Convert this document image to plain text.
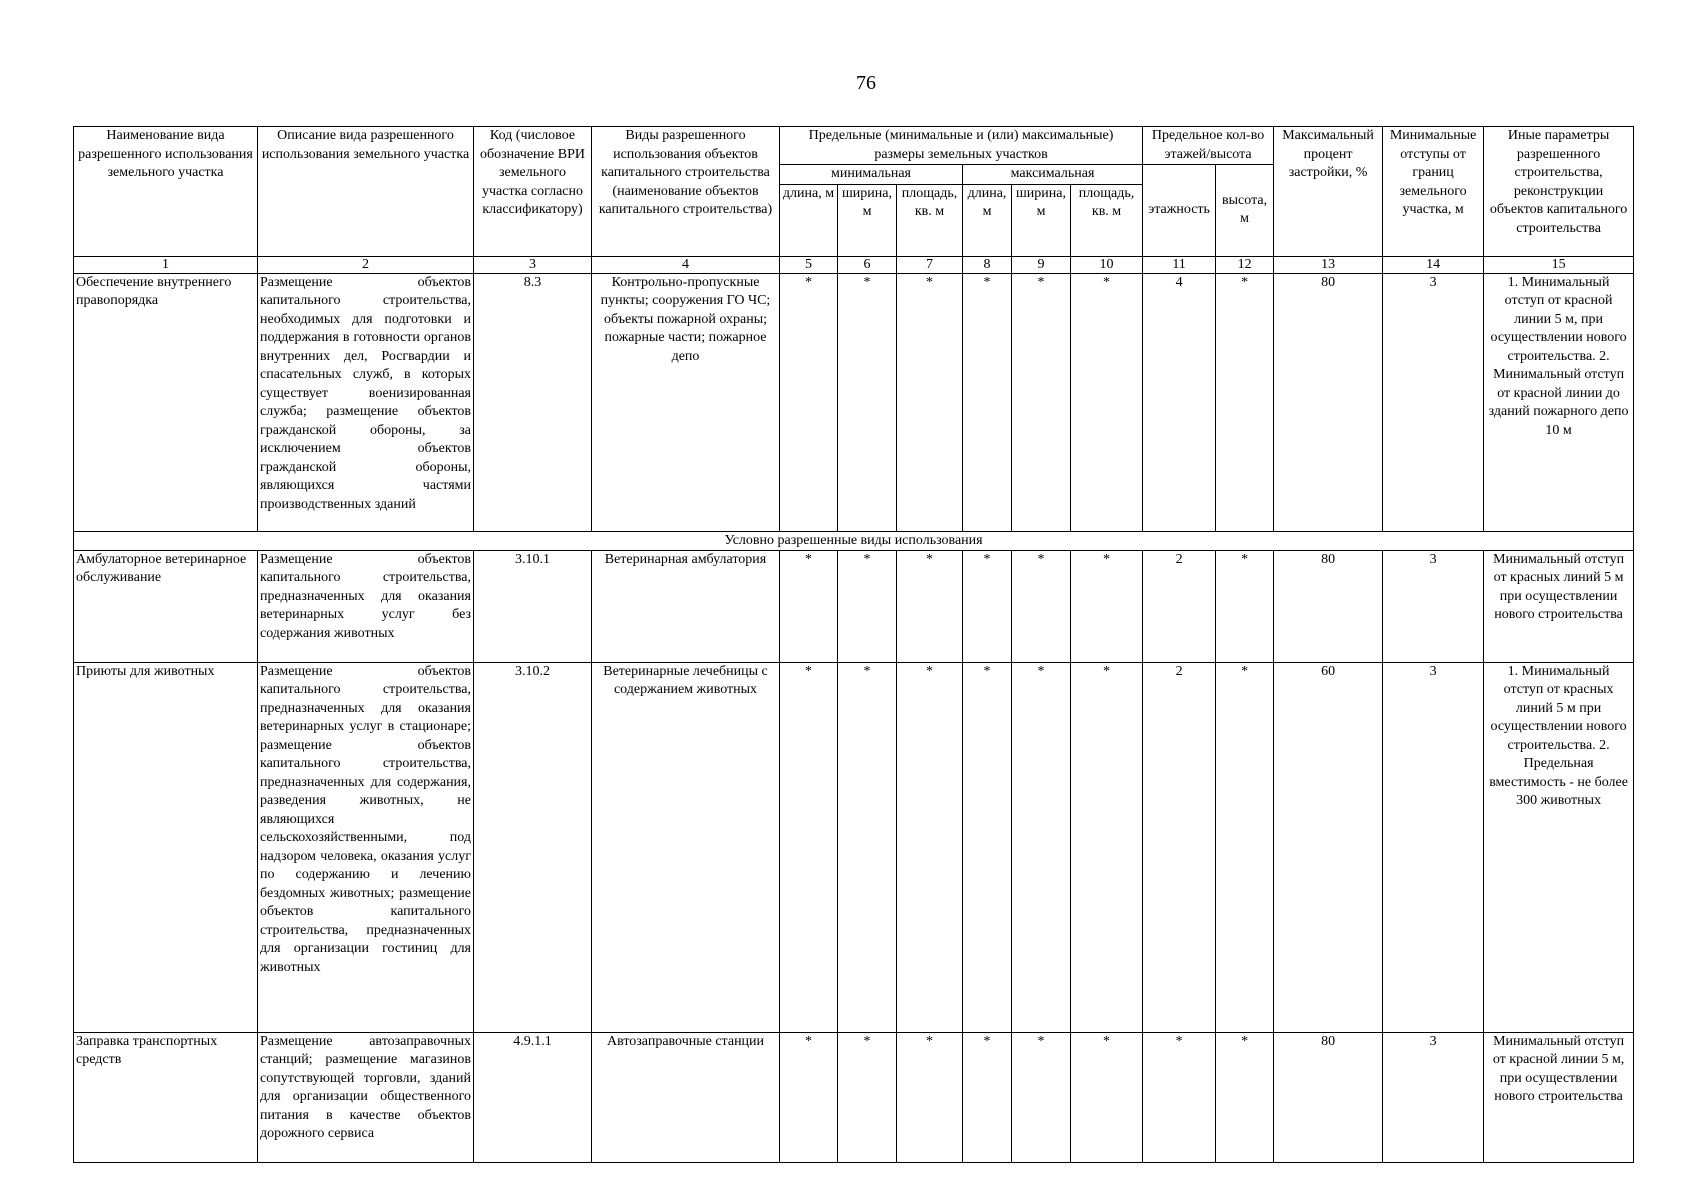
76
Наименование вида разрешенного использования земельного участка	Описание вида разрешенного использования земельного участка	Код (числовое обозначение ВРИ земельного участка согласно классификатору)	Виды разрешенного использования объектов капитального строительства (наименование объектов капитального строительства)	Предельные (минимальные и (или) максимальные) размеры земельных участков						Предельное кол-во этажей/высота		Максимальный процент застройки, %	Минимальные отступы от границ земельного участка, м	Иные параметры разрешенного строительства, реконструкции объектов капитального строительства
				минимальная			максимальная			этажность	высота, м			
				длина, м	ширина, м	площадь, кв. м	длина, м	ширина, м	площадь, кв. м					
1	2	3	4	5	6	7	8	9	10	11	12	13	14	15
Обеспечение внутреннего правопорядка	Размещение объектов капитального строительства, необходимых для подготовки и поддержания в готовности органов внутренних дел, Росгвардии и спасательных служб, в которых существует военизированная служба; размещение объектов гражданской обороны, за исключением объектов гражданской обороны, являющихся частями производственных зданий	8.3	Контрольно-пропускные пункты; сооружения ГО ЧС; объекты пожарной охраны; пожарные части; пожарное депо	*	*	*	*	*	*	4	*	80	3	1. Минимальный отступ от красной линии 5 м, при осуществлении нового строительства. 2. Минимальный отступ от красной линии до зданий пожарного депо 10 м
Условно разрешенные виды использования														
Амбулаторное ветеринарное обслуживание	Размещение объектов капитального строительства, предназначенных для оказания ветеринарных услуг без содержания животных	3.10.1	Ветеринарная амбулатория	*	*	*	*	*	*	2	*	80	3	Минимальный отступ от красных линий 5 м при осуществлении нового строительства
Приюты для животных	Размещение объектов капитального строительства, предназначенных для оказания ветеринарных услуг в стационаре; размещение объектов капитального строительства, предназначенных для содержания, разведения животных, не являющихся сельскохозяйственными, под надзором человека, оказания услуг по содержанию и лечению бездомных животных; размещение объектов капитального строительства, предназначенных для организации гостиниц для животных	3.10.2	Ветеринарные лечебницы с содержанием животных	*	*	*	*	*	*	2	*	60	3	1. Минимальный отступ от красных линий 5 м при осуществлении нового строительства. 2. Предельная вместимость - не более 300 животных
Заправка транспортных средств	Размещение автозаправочных станций; размещение магазинов сопутствующей торговли, зданий для организации общественного питания в качестве объектов дорожного сервиса	4.9.1.1	Автозаправочные станции	*	*	*	*	*	*	*	*	80	3	Минимальный отступ от красной линии 5 м, при осуществлении нового строительства
